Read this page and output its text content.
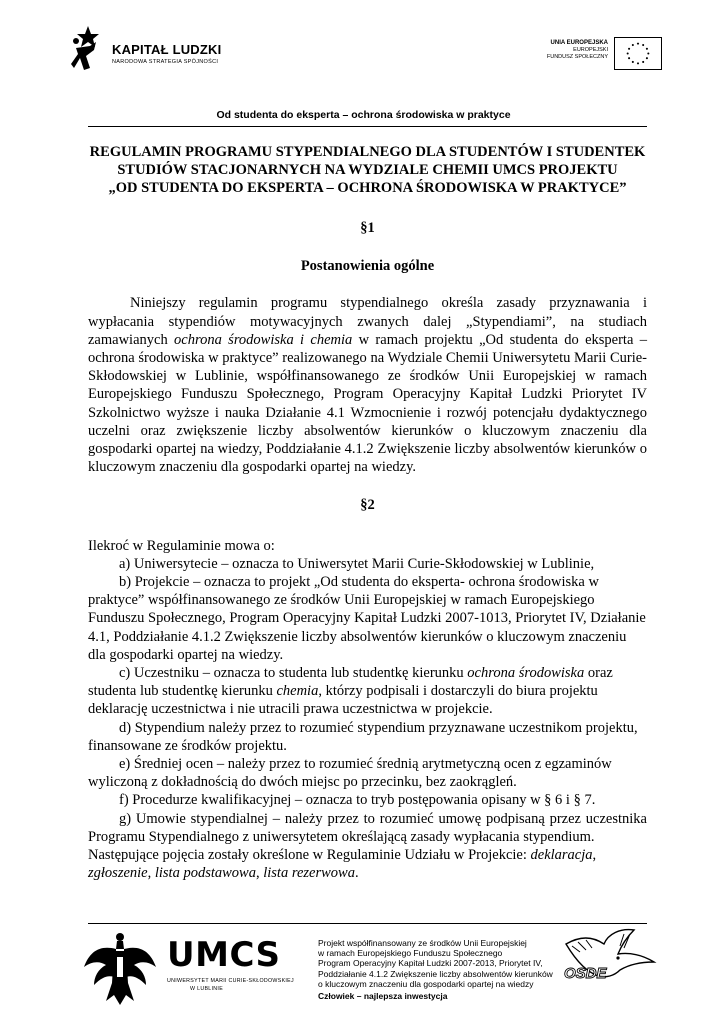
KAPITAŁ LUDZKI
NARODOWA STRATEGIA SPÓJNOŚCI
UNIA EUROPEJSKA
EUROPEJSKI
FUNDUSZ SPOŁECZNY
Od studenta do eksperta – ochrona środowiska w praktyce

REGULAMIN PROGRAMU STYPENDIALNEGO DLA STUDENTÓW I STUDENTEK
STUDIÓW STACJONARNYCH NA WYDZIALE CHEMII UMCS PROJEKTU
„OD STUDENTA DO EKSPERTA – OCHRONA ŚRODOWISKA W PRAKTYCE”

§1

Postanowienia ogólne

Niniejszy regulamin programu stypendialnego określa zasady przyznawania i wypłacania stypendiów motywacyjnych zwanych dalej „Stypendiami”, na studiach zamawianych ochrona środowiska i chemia w ramach projektu „Od studenta do eksperta – ochrona środowiska w praktyce” realizowanego na Wydziale Chemii Uniwersytetu Marii Curie-Skłodowskiej w Lublinie, współfinansowanego ze środków Unii Europejskiej w ramach Europejskiego Funduszu Społecznego, Program Operacyjny Kapitał Ludzki Priorytet IV Szkolnictwo wyższe i nauka Działanie 4.1 Wzmocnienie i rozwój potencjału dydaktycznego uczelni oraz zwiększenie liczby absolwentów kierunków o kluczowym znaczeniu dla gospodarki opartej na wiedzy, Poddziałanie 4.1.2 Zwiększenie liczby absolwentów kierunków o kluczowym znaczeniu dla gospodarki opartej na wiedzy.

§2

Ilekroć w Regulaminie mowa o:

a) Uniwersytecie – oznacza to Uniwersytet Marii Curie-Skłodowskiej w Lublinie,

b) Projekcie – oznacza to projekt „Od studenta do eksperta- ochrona środowiska w praktyce” współfinansowanego ze środków Unii Europejskiej w ramach Europejskiego Funduszu Społecznego, Program Operacyjny Kapitał Ludzki 2007-1013, Priorytet IV, Działanie 4.1, Poddziałanie 4.1.2 Zwiększenie liczby absolwentów kierunków o kluczowym znaczeniu dla gospodarki opartej na wiedzy.

c) Uczestniku – oznacza to studenta lub studentkę kierunku ochrona środowiska oraz studenta lub studentkę kierunku chemia, którzy podpisali i dostarczyli do biura projektu deklarację uczestnictwa i nie utracili prawa uczestnictwa w projekcie.

d) Stypendium należy przez to rozumieć stypendium przyznawane uczestnikom projektu, finansowane ze środków projektu.

e) Średniej ocen – należy przez to rozumieć średnią arytmetyczną ocen z egzaminów wyliczoną z dokładnością do dwóch miejsc po przecinku, bez zaokrągleń.

f) Procedurze kwalifikacyjnej – oznacza to tryb postępowania opisany w § 6 i § 7.

g) Umowie stypendialnej – należy przez to rozumieć umowę podpisaną przez uczestnika Programu Stypendialnego z uniwersytetem określającą zasady wypłacania stypendium.

Następujące pojęcia zostały określone w Regulaminie Udziału w Projekcie: deklaracja, zgłoszenie, lista podstawowa, lista rezerwowa.

UMCS
UNIWERSYTET MARII CURIE-SKŁODOWSKIEJ
W LUBLINIE
Projekt współfinansowany ze środków Unii Europejskiej
w ramach Europejskiego Funduszu Społecznego
Program Operacyjny Kapitał Ludzki 2007-2013, Priorytet IV,
Poddziałanie 4.1.2 Zwiększenie liczby absolwentów kierunków
o kluczowym znaczeniu dla gospodarki opartej na wiedzy
Człowiek – najlepsza inwestycja
OSDE
